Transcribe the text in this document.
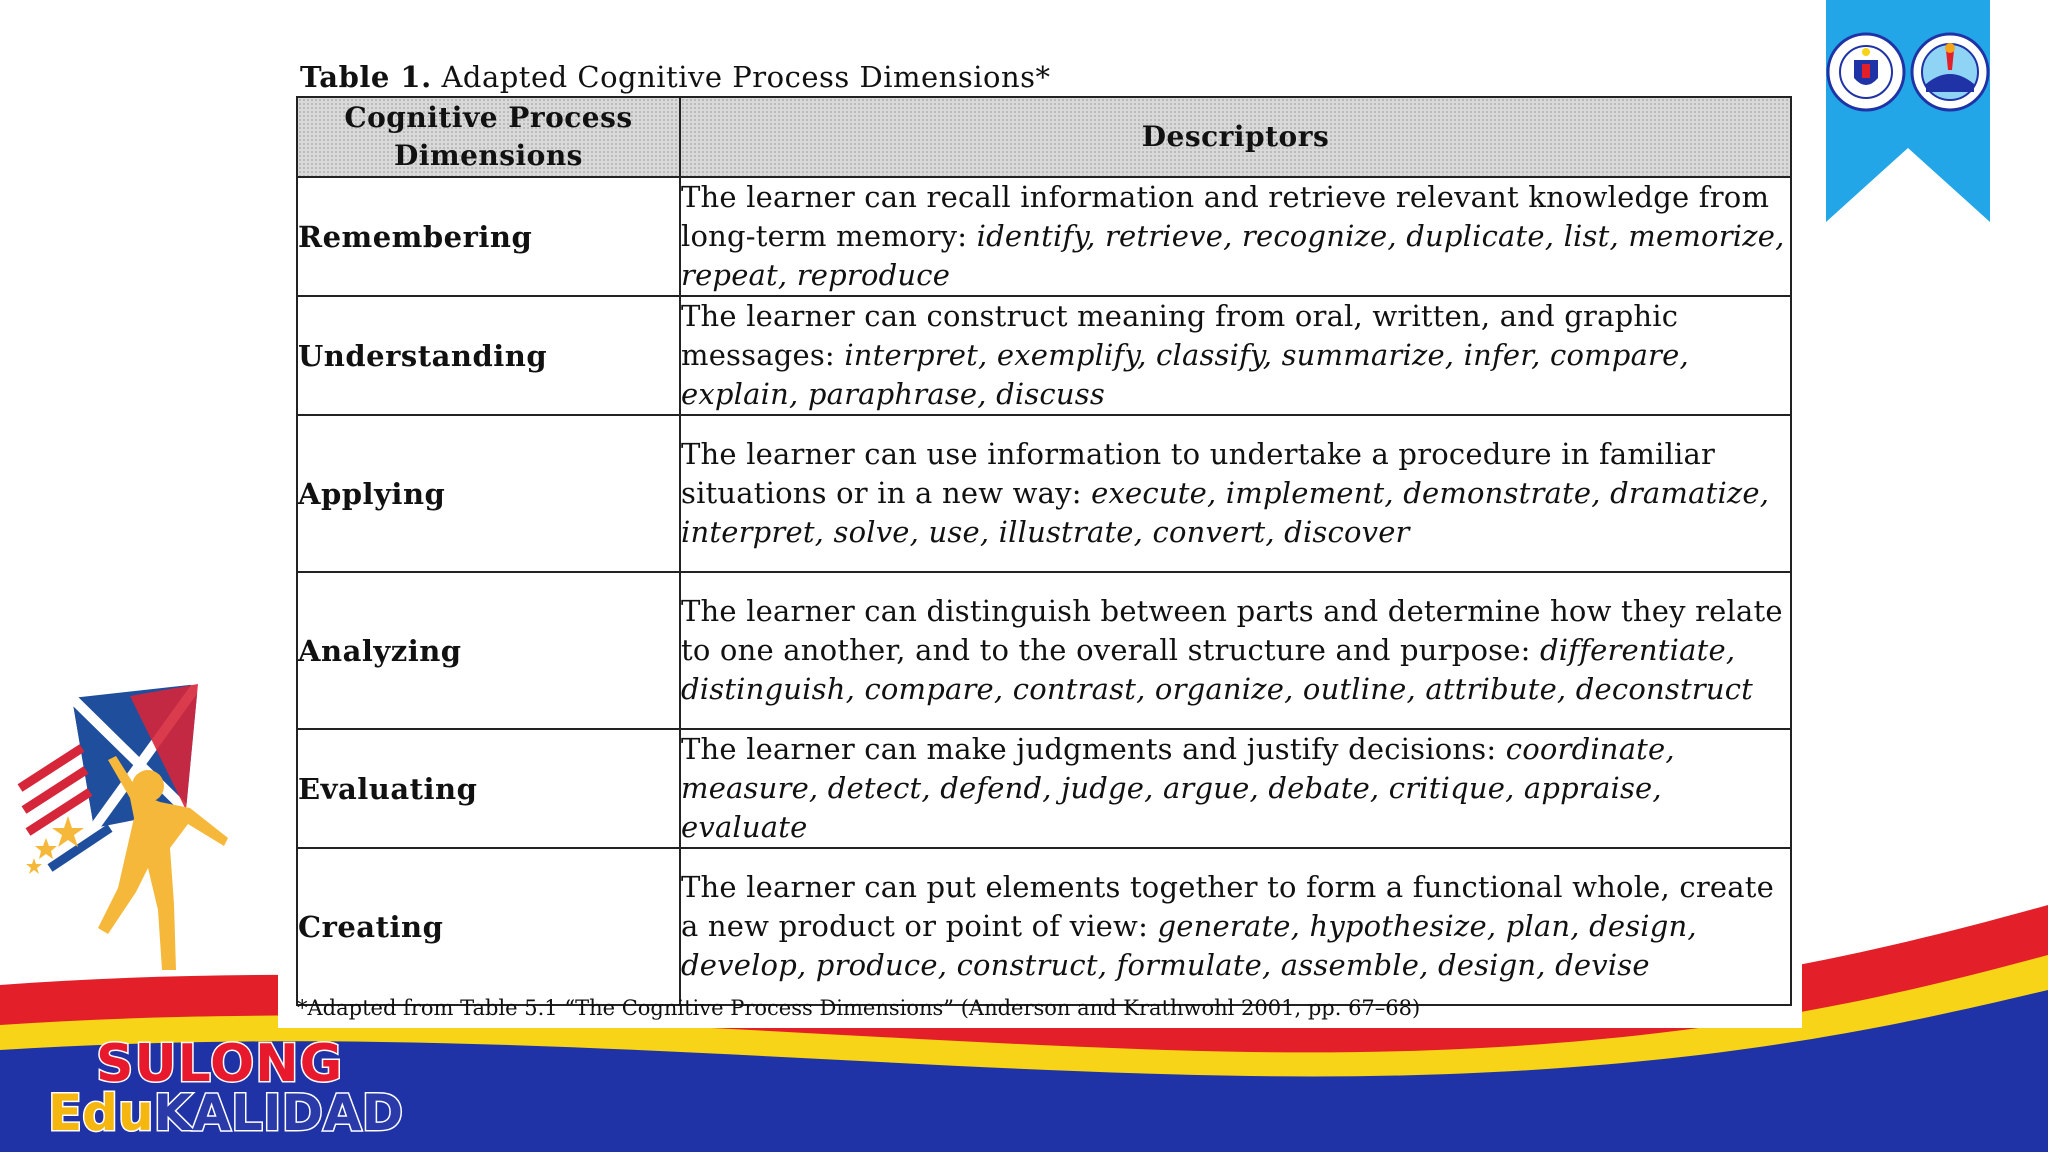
Table 1. Adapted Cognitive Process Dimensions*
Cognitive Process
Dimensions	Descriptors
Remembering	The learner can recall information and retrieve relevant knowledge from long-term memory: identify, retrieve, recognize, duplicate, list, memorize, repeat, reproduce
Understanding	The learner can construct meaning from oral, written, and graphic messages: interpret, exemplify, classify, summarize, infer, compare, explain, paraphrase, discuss
Applying	The learner can use information to undertake a procedure in familiar situations or in a new way: execute, implement, demonstrate, dramatize, interpret, solve, use, illustrate, convert, discover
Analyzing	The learner can distinguish between parts and determine how they relate to one another, and to the overall structure and purpose: differentiate, distinguish, compare, contrast, organize, outline, attribute, deconstruct
Evaluating	The learner can make judgments and justify decisions: coordinate, measure, detect, defend, judge, argue, debate, critique, appraise, evaluate
Creating	The learner can put elements together to form a functional whole, create a new product or point of view: generate, hypothesize, plan, design, develop, produce, construct, formulate, assemble, design, devise
*Adapted from Table 5.1 “The Cognitive Process Dimensions” (Anderson and Krathwohl 2001, pp. 67–68)
SULONG
EduKALIDAD
